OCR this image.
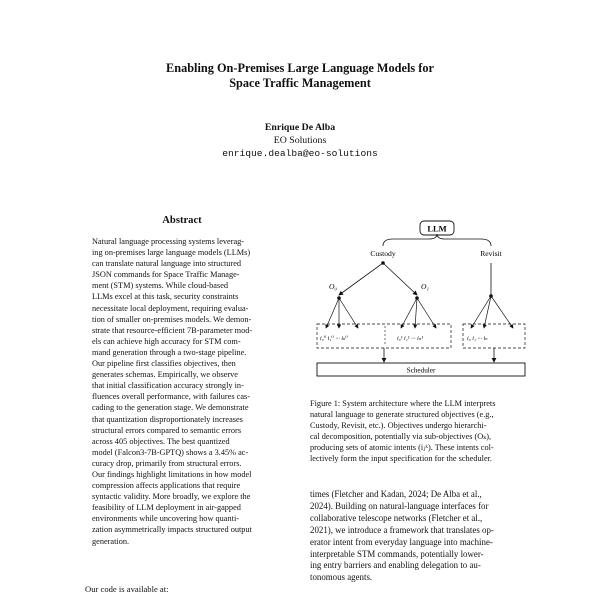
Enabling On-Premises Large Language Models for
Space Traffic Management
Enrique De Alba
EO Solutions
enrique.dealba@eo-solutions
Abstract
Natural language processing systems leverag-
ing on-premises large language models (LLMs)
can translate natural language into structured
JSON commands for Space Traffic Manage-
ment (STM) systems. While cloud-based
LLMs excel at this task, security constraints
necessitate local deployment, requiring evalua-
tion of smaller on-premises models. We demon-
strate that resource-efficient 7B-parameter mod-
els can achieve high accuracy for STM com-
mand generation through a two-stage pipeline.
Our pipeline first classifies objectives, then
generates schemas. Empirically, we observe
that initial classification accuracy strongly in-
fluences overall performance, with failures cas-
cading to the generation stage. We demonstrate
that quantization disproportionately increases
structural errors compared to semantic errors
across 405 objectives. The best quantized
model (Falcon3-7B-GPTQ) shows a 3.45% ac-
curacy drop, primarily from structural errors.
Our findings highlight limitations in how model
compression affects applications that require
syntactic validity. More broadly, we explore the
feasibility of LLM deployment in air-gapped
environments while uncovering how quanti-
zation asymmetrically impacts structured output
generation.
Our code is available at:
LLM
Custody	Revisit
O₀	O₁
i₀⁰ i₁⁰ ··· iₙ⁰	i₀¹ i₁¹ ··· iₙ¹	i₀ i₁ ··· iₙ
Scheduler
Figure 1: System architecture where the LLM interprets
natural language to generate structured objectives (e.g.,
Custody, Revisit, etc.). Objectives undergo hierarchi-
cal decomposition, potentially via sub-objectives (Oₖ),
producing sets of atomic intents (iⱼᵏ). These intents col-
lectively form the input specification for the scheduler.
times (Fletcher and Kadan, 2024; De Alba et al.,
2024). Building on natural-language interfaces for
collaborative telescope networks (Fletcher et al.,
2021), we introduce a framework that translates op-
erator intent from everyday language into machine-
interpretable STM commands, potentially lower-
ing entry barriers and enabling delegation to au-
tonomous agents.
